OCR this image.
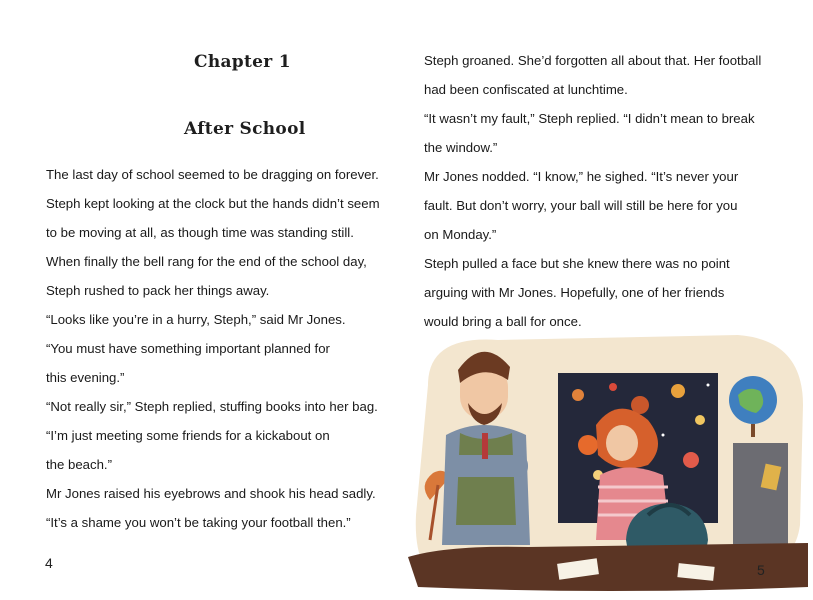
Chapter 1
After School
The last day of school seemed to be dragging on forever.
Steph kept looking at the clock but the hands didn’t seem
to be moving at all, as though time was standing still.
When finally the bell rang for the end of the school day,
Steph rushed to pack her things away.
“Looks like you’re in a hurry, Steph,” said Mr Jones.
“You must have something important planned for
this evening.”
“Not really sir,” Steph replied, stuffing books into her bag.
“I’m just meeting some friends for a kickabout on
the beach.”
Mr Jones raised his eyebrows and shook his head sadly.
“It’s a shame you won’t be taking your football then.”
4
Steph groaned. She’d forgotten all about that. Her football
had been confiscated at lunchtime.
“It wasn’t my fault,” Steph replied. “I didn’t mean to break
the window.”
Mr Jones nodded. “I know,” he sighed. “It’s never your
fault. But don’t worry, your ball will still be here for you
on Monday.”
Steph pulled a face but she knew there was no point
arguing with Mr Jones. Hopefully, one of her friends
would bring a ball for once.
5
